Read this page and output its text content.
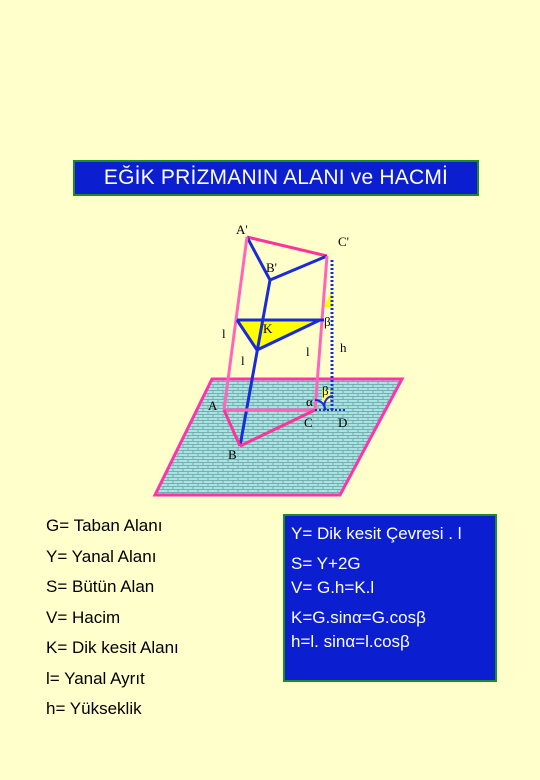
EĞİK PRİZMANIN ALANI ve HACMİ
A'
C'
B'
K
l
l
l h
β
β
α
A
C D
B
G= Taban Alanı
Y= Yanal Alanı
S= Bütün Alan
V= Hacim
K= Dik kesit Alanı
l= Yanal Ayrıt
h= Yükseklik
Y= Dik kesit Çevresi . l
S= Y+2G
V= G.h=K.l
K=G.sinα=G.cosβ
h=l. sinα=l.cosβ
